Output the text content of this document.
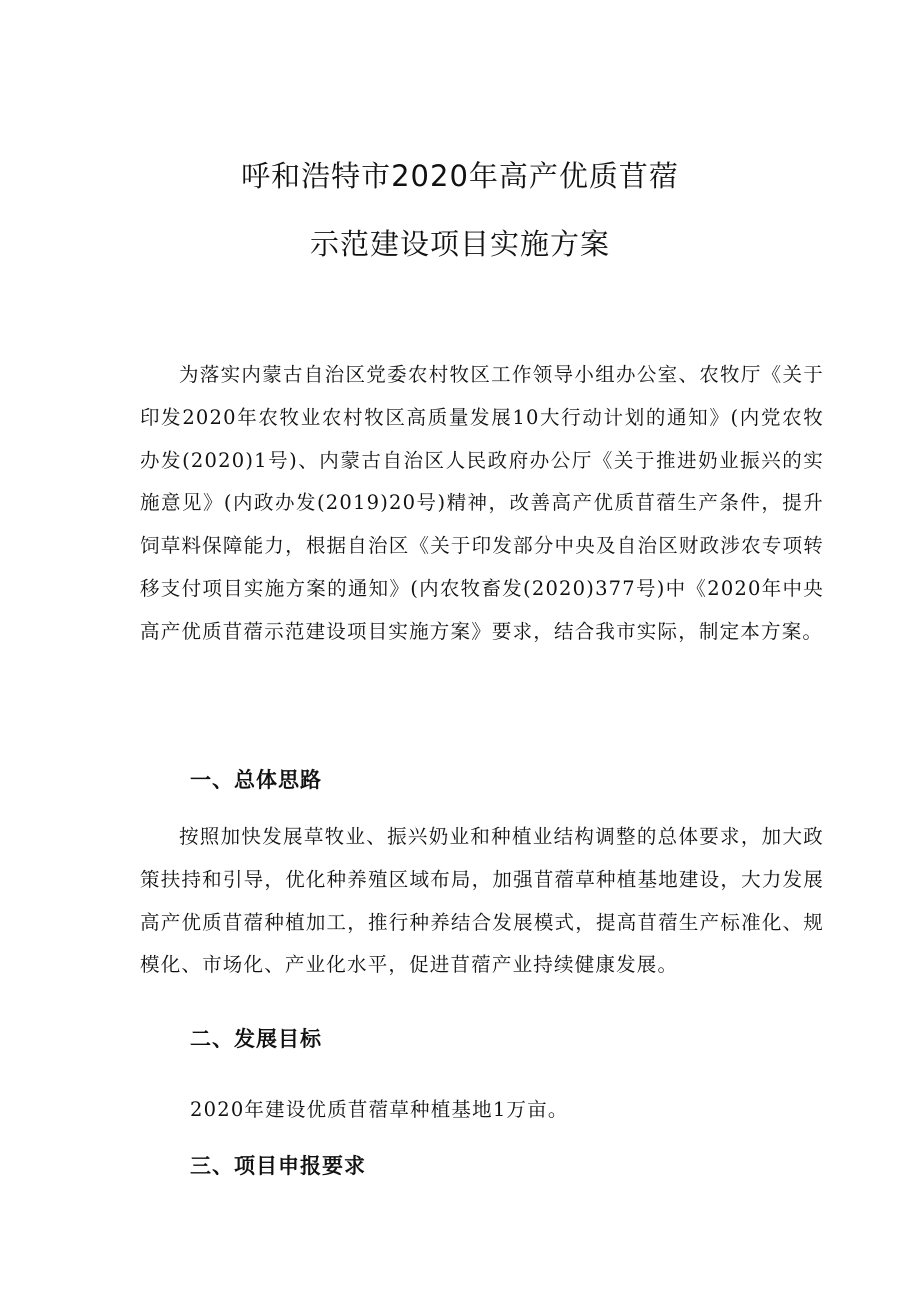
呼和浩特市2020年高产优质苜蓿
示范建设项目实施方案

为落实内蒙古自治区党委农村牧区工作领导小组办公室、农牧厅《关于印发2020年农牧业农村牧区高质量发展10大行动计划的通知》(内党农牧办发(2020)1号)、内蒙古自治区人民政府办公厅《关于推进奶业振兴的实施意见》(内政办发(2019)20号)精神，改善高产优质苜蓿生产条件，提升饲草料保障能力，根据自治区《关于印发部分中央及自治区财政涉农专项转移支付项目实施方案的通知》(内农牧畜发(2020)377号)中《2020年中央高产优质苜蓿示范建设项目实施方案》要求，结合我市实际，制定本方案。

一、总体思路

按照加快发展草牧业、振兴奶业和种植业结构调整的总体要求，加大政策扶持和引导，优化种养殖区域布局，加强苜蓿草种植基地建设，大力发展高产优质苜蓿种植加工，推行种养结合发展模式，提高苜蓿生产标准化、规模化、市场化、产业化水平，促进苜蓿产业持续健康发展。

二、发展目标
2020年建设优质苜蓿草种植基地1万亩。
三、项目申报要求
